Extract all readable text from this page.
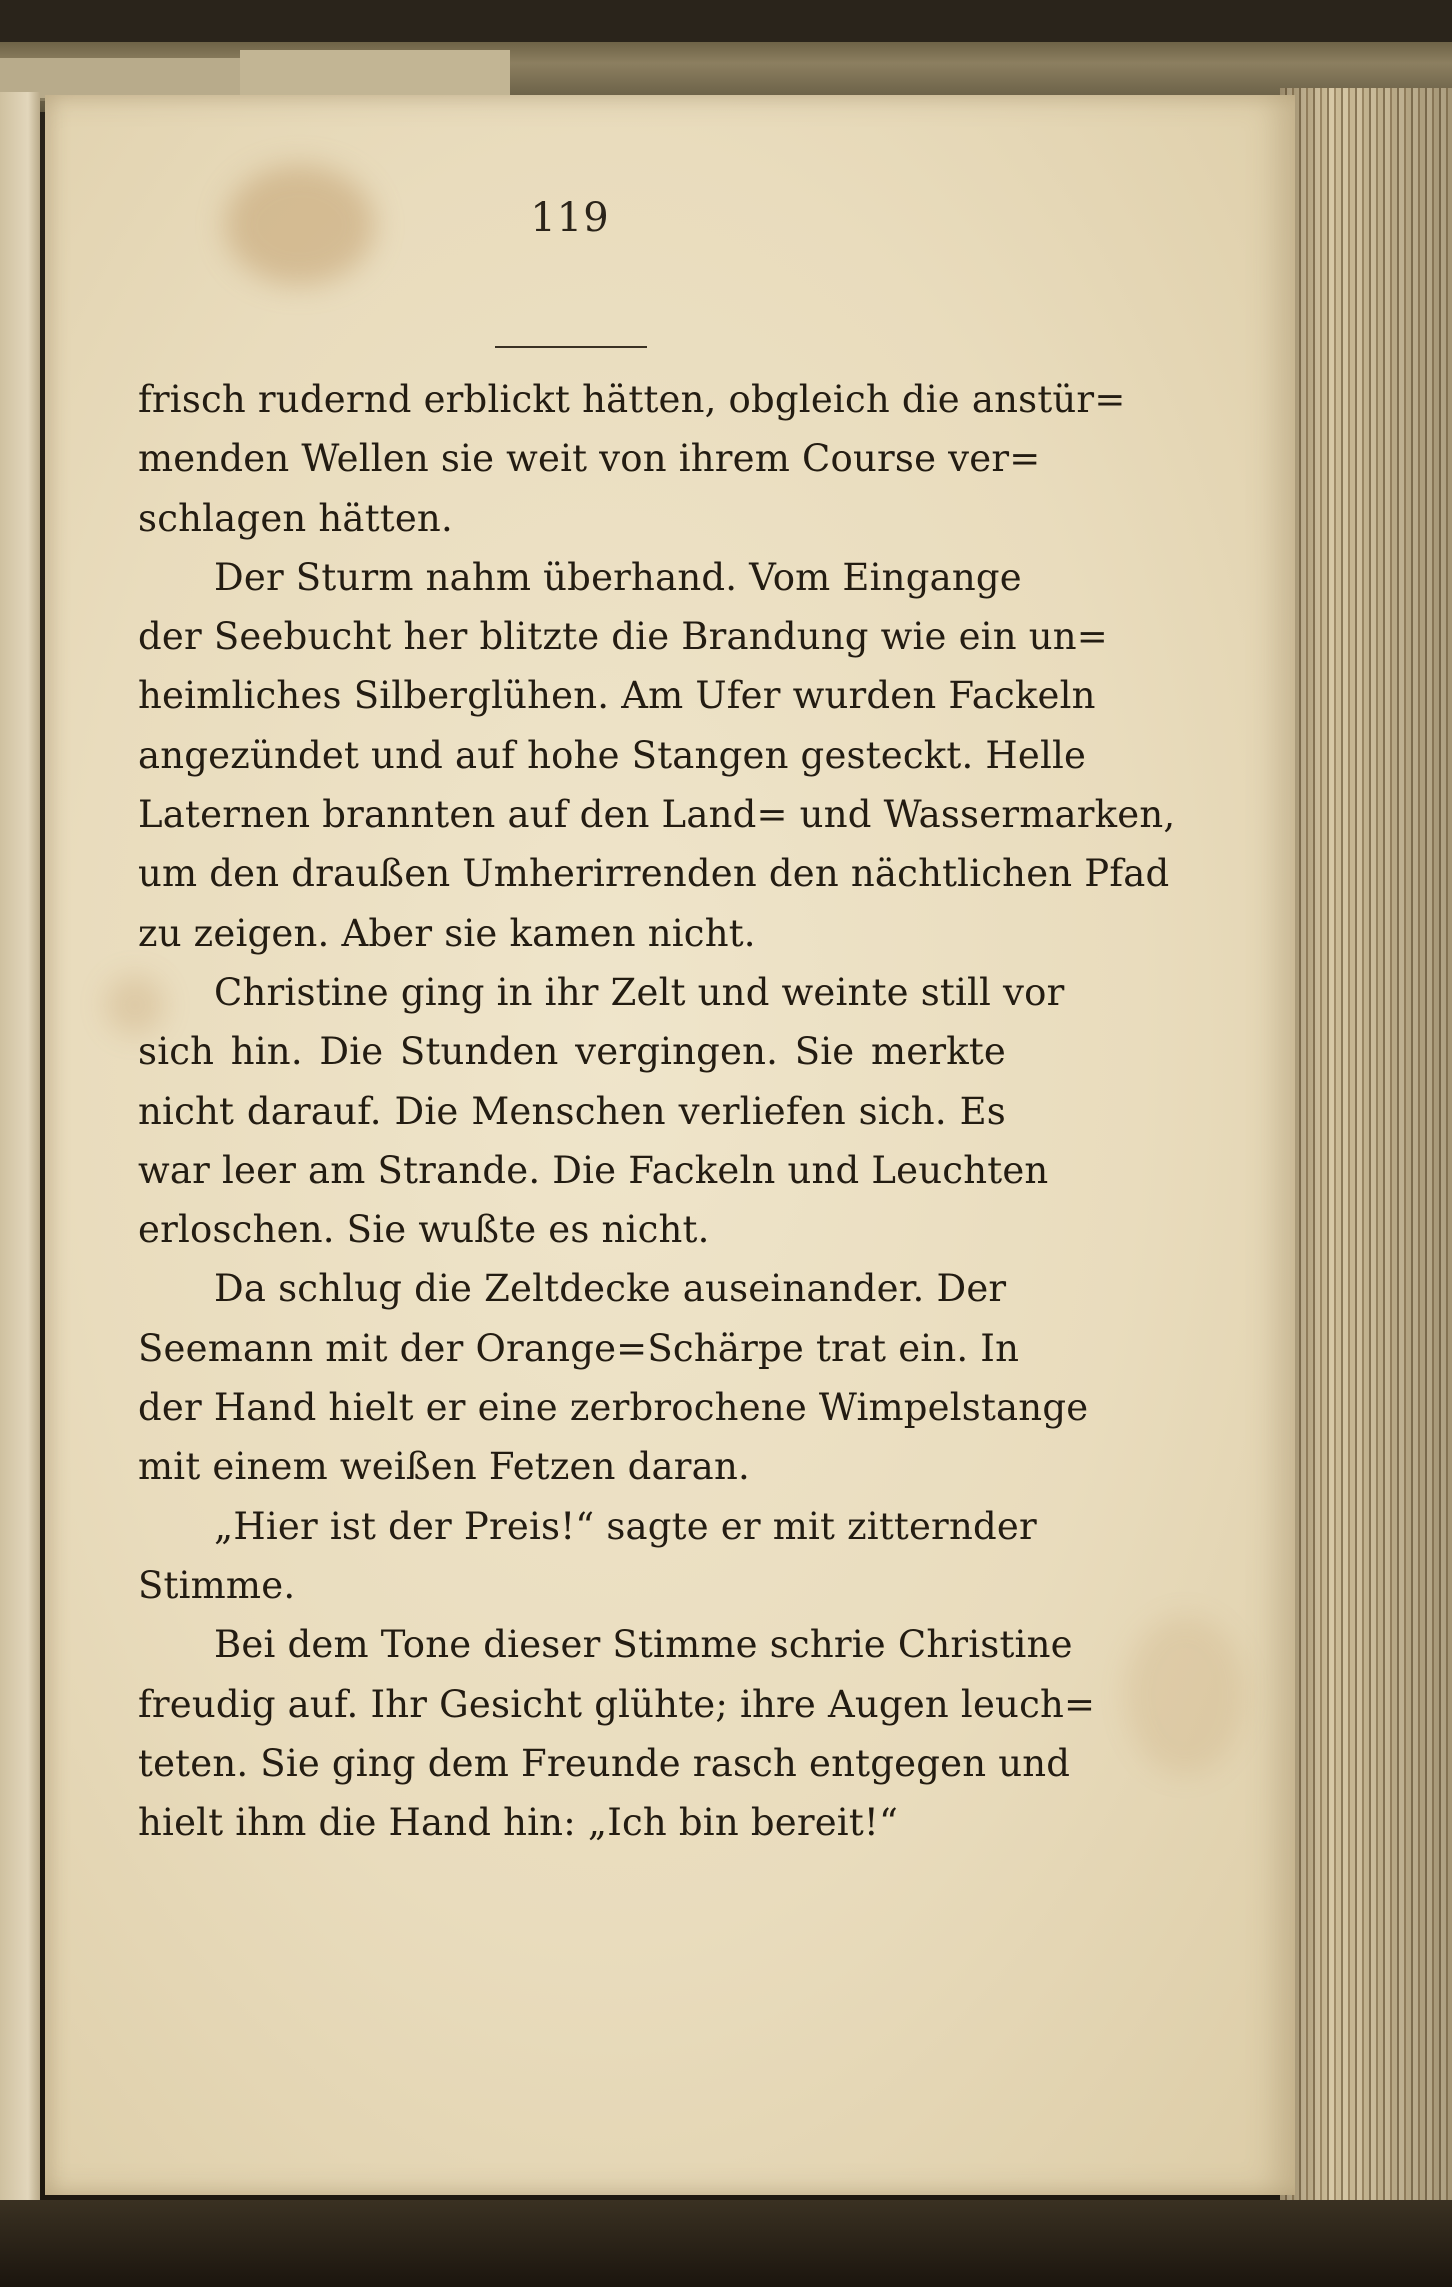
119
frisch rudernd erblickt hätten, obgleich die anstür=
menden Wellen sie weit von ihrem Course ver=
schlagen hätten.
Der Sturm nahm überhand. Vom Eingange
der Seebucht her blitzte die Brandung wie ein un=
heimliches Silberglühen. Am Ufer wurden Fackeln
angezündet und auf hohe Stangen gesteckt. Helle
Laternen brannten auf den Land= und Wassermarken,
um den draußen Umherirrenden den nächtlichen Pfad
zu zeigen. Aber sie kamen nicht.
Christine ging in ihr Zelt und weinte still vor
sich hin. Die Stunden vergingen. Sie merkte
nicht darauf. Die Menschen verliefen sich. Es
war leer am Strande. Die Fackeln und Leuchten
erloschen. Sie wußte es nicht.
Da schlug die Zeltdecke auseinander. Der
Seemann mit der Orange=Schärpe trat ein. In
der Hand hielt er eine zerbrochene Wimpelstange
mit einem weißen Fetzen daran.
„Hier ist der Preis!“ sagte er mit zitternder
Stimme.
Bei dem Tone dieser Stimme schrie Christine
freudig auf. Ihr Gesicht glühte; ihre Augen leuch=
teten. Sie ging dem Freunde rasch entgegen und
hielt ihm die Hand hin: „Ich bin bereit!“
